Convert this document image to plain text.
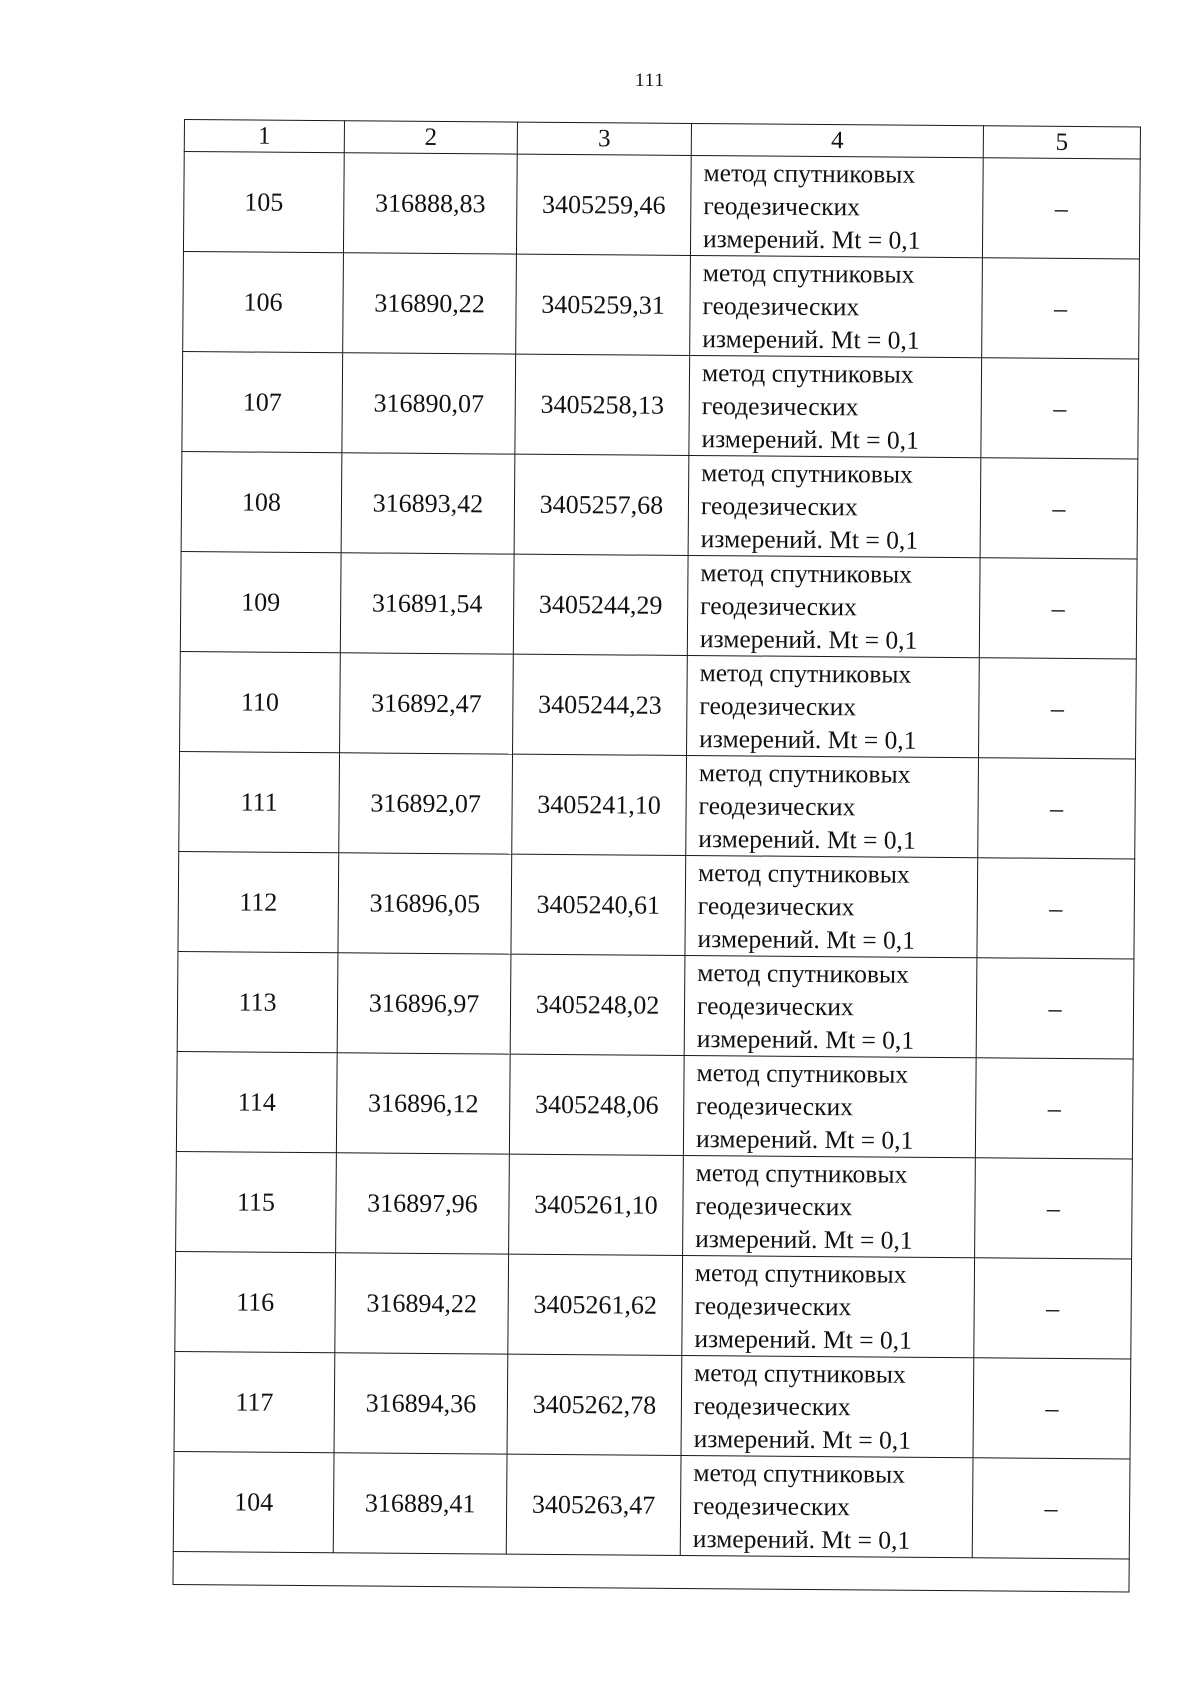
111
1	2	3	4	5
105	316888,83	3405259,46	метод спутниковых
геодезических
измерений. Mt = 0,1	–
106	316890,22	3405259,31	метод спутниковых
геодезических
измерений. Mt = 0,1	–
107	316890,07	3405258,13	метод спутниковых
геодезических
измерений. Mt = 0,1	–
108	316893,42	3405257,68	метод спутниковых
геодезических
измерений. Mt = 0,1	–
109	316891,54	3405244,29	метод спутниковых
геодезических
измерений. Mt = 0,1	–
110	316892,47	3405244,23	метод спутниковых
геодезических
измерений. Mt = 0,1	–
111	316892,07	3405241,10	метод спутниковых
геодезических
измерений. Mt = 0,1	–
112	316896,05	3405240,61	метод спутниковых
геодезических
измерений. Mt = 0,1	–
113	316896,97	3405248,02	метод спутниковых
геодезических
измерений. Mt = 0,1	–
114	316896,12	3405248,06	метод спутниковых
геодезических
измерений. Mt = 0,1	–
115	316897,96	3405261,10	метод спутниковых
геодезических
измерений. Mt = 0,1	–
116	316894,22	3405261,62	метод спутниковых
геодезических
измерений. Mt = 0,1	–
117	316894,36	3405262,78	метод спутниковых
геодезических
измерений. Mt = 0,1	–
104	316889,41	3405263,47	метод спутниковых
геодезических
измерений. Mt = 0,1	–
